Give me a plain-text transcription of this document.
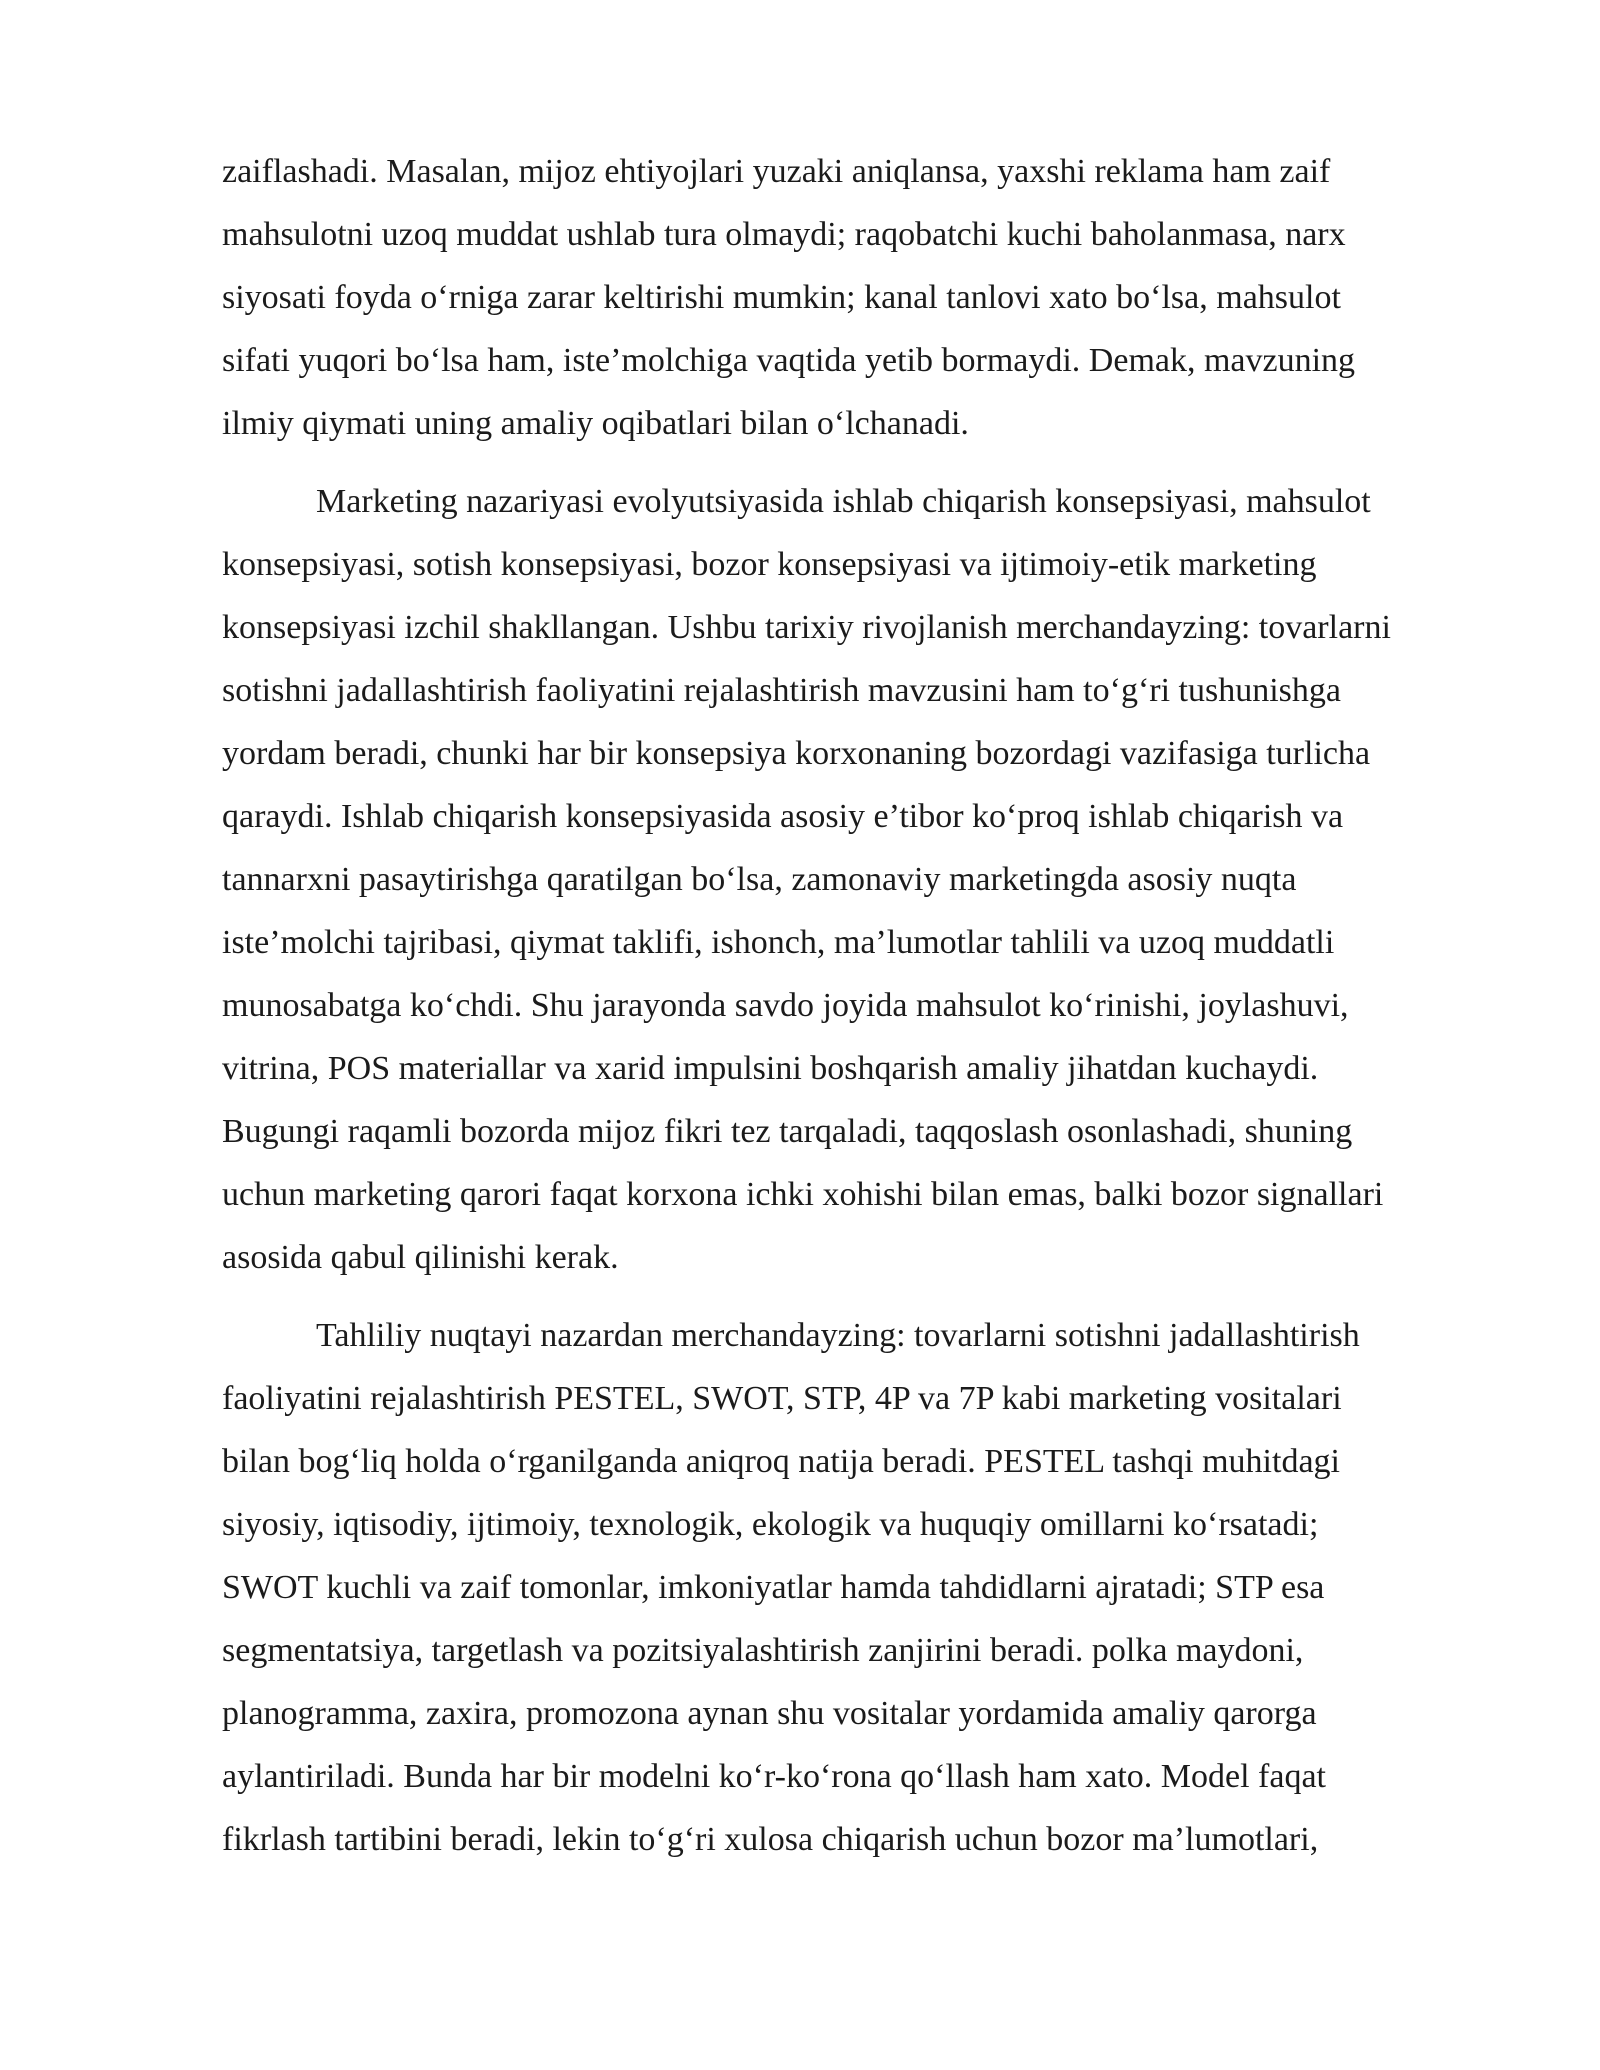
zaiflashadi. Masalan, mijoz ehtiyojlari yuzaki aniqlansa, yaxshi reklama ham zaif
mahsulotni uzoq muddat ushlab tura olmaydi; raqobatchi kuchi baholanmasa, narx
siyosati foyda o‘rniga zarar keltirishi mumkin; kanal tanlovi xato bo‘lsa, mahsulot
sifati yuqori bo‘lsa ham, iste’molchiga vaqtida yetib bormaydi. Demak, mavzuning
ilmiy qiymati uning amaliy oqibatlari bilan o‘lchanadi.
Marketing nazariyasi evolyutsiyasida ishlab chiqarish konsepsiyasi, mahsulot
konsepsiyasi, sotish konsepsiyasi, bozor konsepsiyasi va ijtimoiy-etik marketing
konsepsiyasi izchil shakllangan. Ushbu tarixiy rivojlanish merchandayzing: tovarlarni
sotishni jadallashtirish faoliyatini rejalashtirish mavzusini ham to‘g‘ri tushunishga
yordam beradi, chunki har bir konsepsiya korxonaning bozordagi vazifasiga turlicha
qaraydi. Ishlab chiqarish konsepsiyasida asosiy e’tibor ko‘proq ishlab chiqarish va
tannarxni pasaytirishga qaratilgan bo‘lsa, zamonaviy marketingda asosiy nuqta
iste’molchi tajribasi, qiymat taklifi, ishonch, ma’lumotlar tahlili va uzoq muddatli
munosabatga ko‘chdi. Shu jarayonda savdo joyida mahsulot ko‘rinishi, joylashuvi,
vitrina, POS materiallar va xarid impulsini boshqarish amaliy jihatdan kuchaydi.
Bugungi raqamli bozorda mijoz fikri tez tarqaladi, taqqoslash osonlashadi, shuning
uchun marketing qarori faqat korxona ichki xohishi bilan emas, balki bozor signallari
asosida qabul qilinishi kerak.
Tahliliy nuqtayi nazardan merchandayzing: tovarlarni sotishni jadallashtirish
faoliyatini rejalashtirish PESTEL, SWOT, STP, 4P va 7P kabi marketing vositalari
bilan bog‘liq holda o‘rganilganda aniqroq natija beradi. PESTEL tashqi muhitdagi
siyosiy, iqtisodiy, ijtimoiy, texnologik, ekologik va huquqiy omillarni ko‘rsatadi;
SWOT kuchli va zaif tomonlar, imkoniyatlar hamda tahdidlarni ajratadi; STP esa
segmentatsiya, targetlash va pozitsiyalashtirish zanjirini beradi. polka maydoni,
planogramma, zaxira, promozona aynan shu vositalar yordamida amaliy qarorga
aylantiriladi. Bunda har bir modelni ko‘r-ko‘rona qo‘llash ham xato. Model faqat
fikrlash tartibini beradi, lekin to‘g‘ri xulosa chiqarish uchun bozor ma’lumotlari,
